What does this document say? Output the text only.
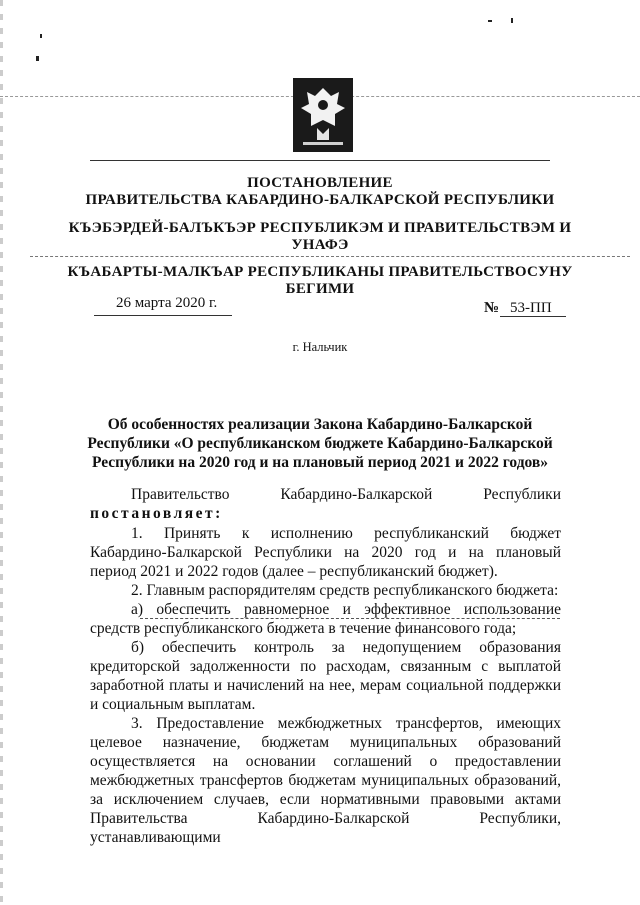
ПОСТАНОВЛЕНИЕ
ПРАВИТЕЛЬСТВА КАБАРДИНО-БАЛКАРСКОЙ РЕСПУБЛИКИ
КЪЭБЭРДЕЙ-БАЛЪКЪЭР РЕСПУБЛИКЭМ И ПРАВИТЕЛЬСТВЭМ И
УНАФЭ
КЪАБАРТЫ-МАЛКЪАР РЕСПУБЛИКАНЫ ПРАВИТЕЛЬСТВОСУНУ
БЕГИМИ
26 марта 2020 г.	№ 53-ПП
г. Нальчик
Об особенностях реализации Закона Кабардино-Балкарской
Республики «О республиканском бюджете Кабардино-Балкарской
Республики на 2020 год и на плановый период 2021 и 2022 годов»
Правительство Кабардино-Балкарской Республики
постановляет:
1. Принять к исполнению республиканский бюджет
Кабардино-Балкарской Республики на 2020 год и на плановый
период 2021 и 2022 годов (далее – республиканский бюджет).
2. Главным распорядителям средств республиканского бюджета:
а) обеспечить равномерное и эффективное использование
средств республиканского бюджета в течение финансового года;
б) обеспечить контроль за недопущением образования
кредиторской задолженности по расходам, связанным с выплатой
заработной платы и начислений на нее, мерам социальной поддержки
и социальным выплатам.
3. Предоставление межбюджетных трансфертов, имеющих
целевое назначение, бюджетам муниципальных образований
осуществляется на основании соглашений о предоставлении
межбюджетных трансфертов бюджетам муниципальных образований,
за исключением случаев, если нормативными правовыми актами
Правительства Кабардино-Балкарской Республики, устанавливающими
